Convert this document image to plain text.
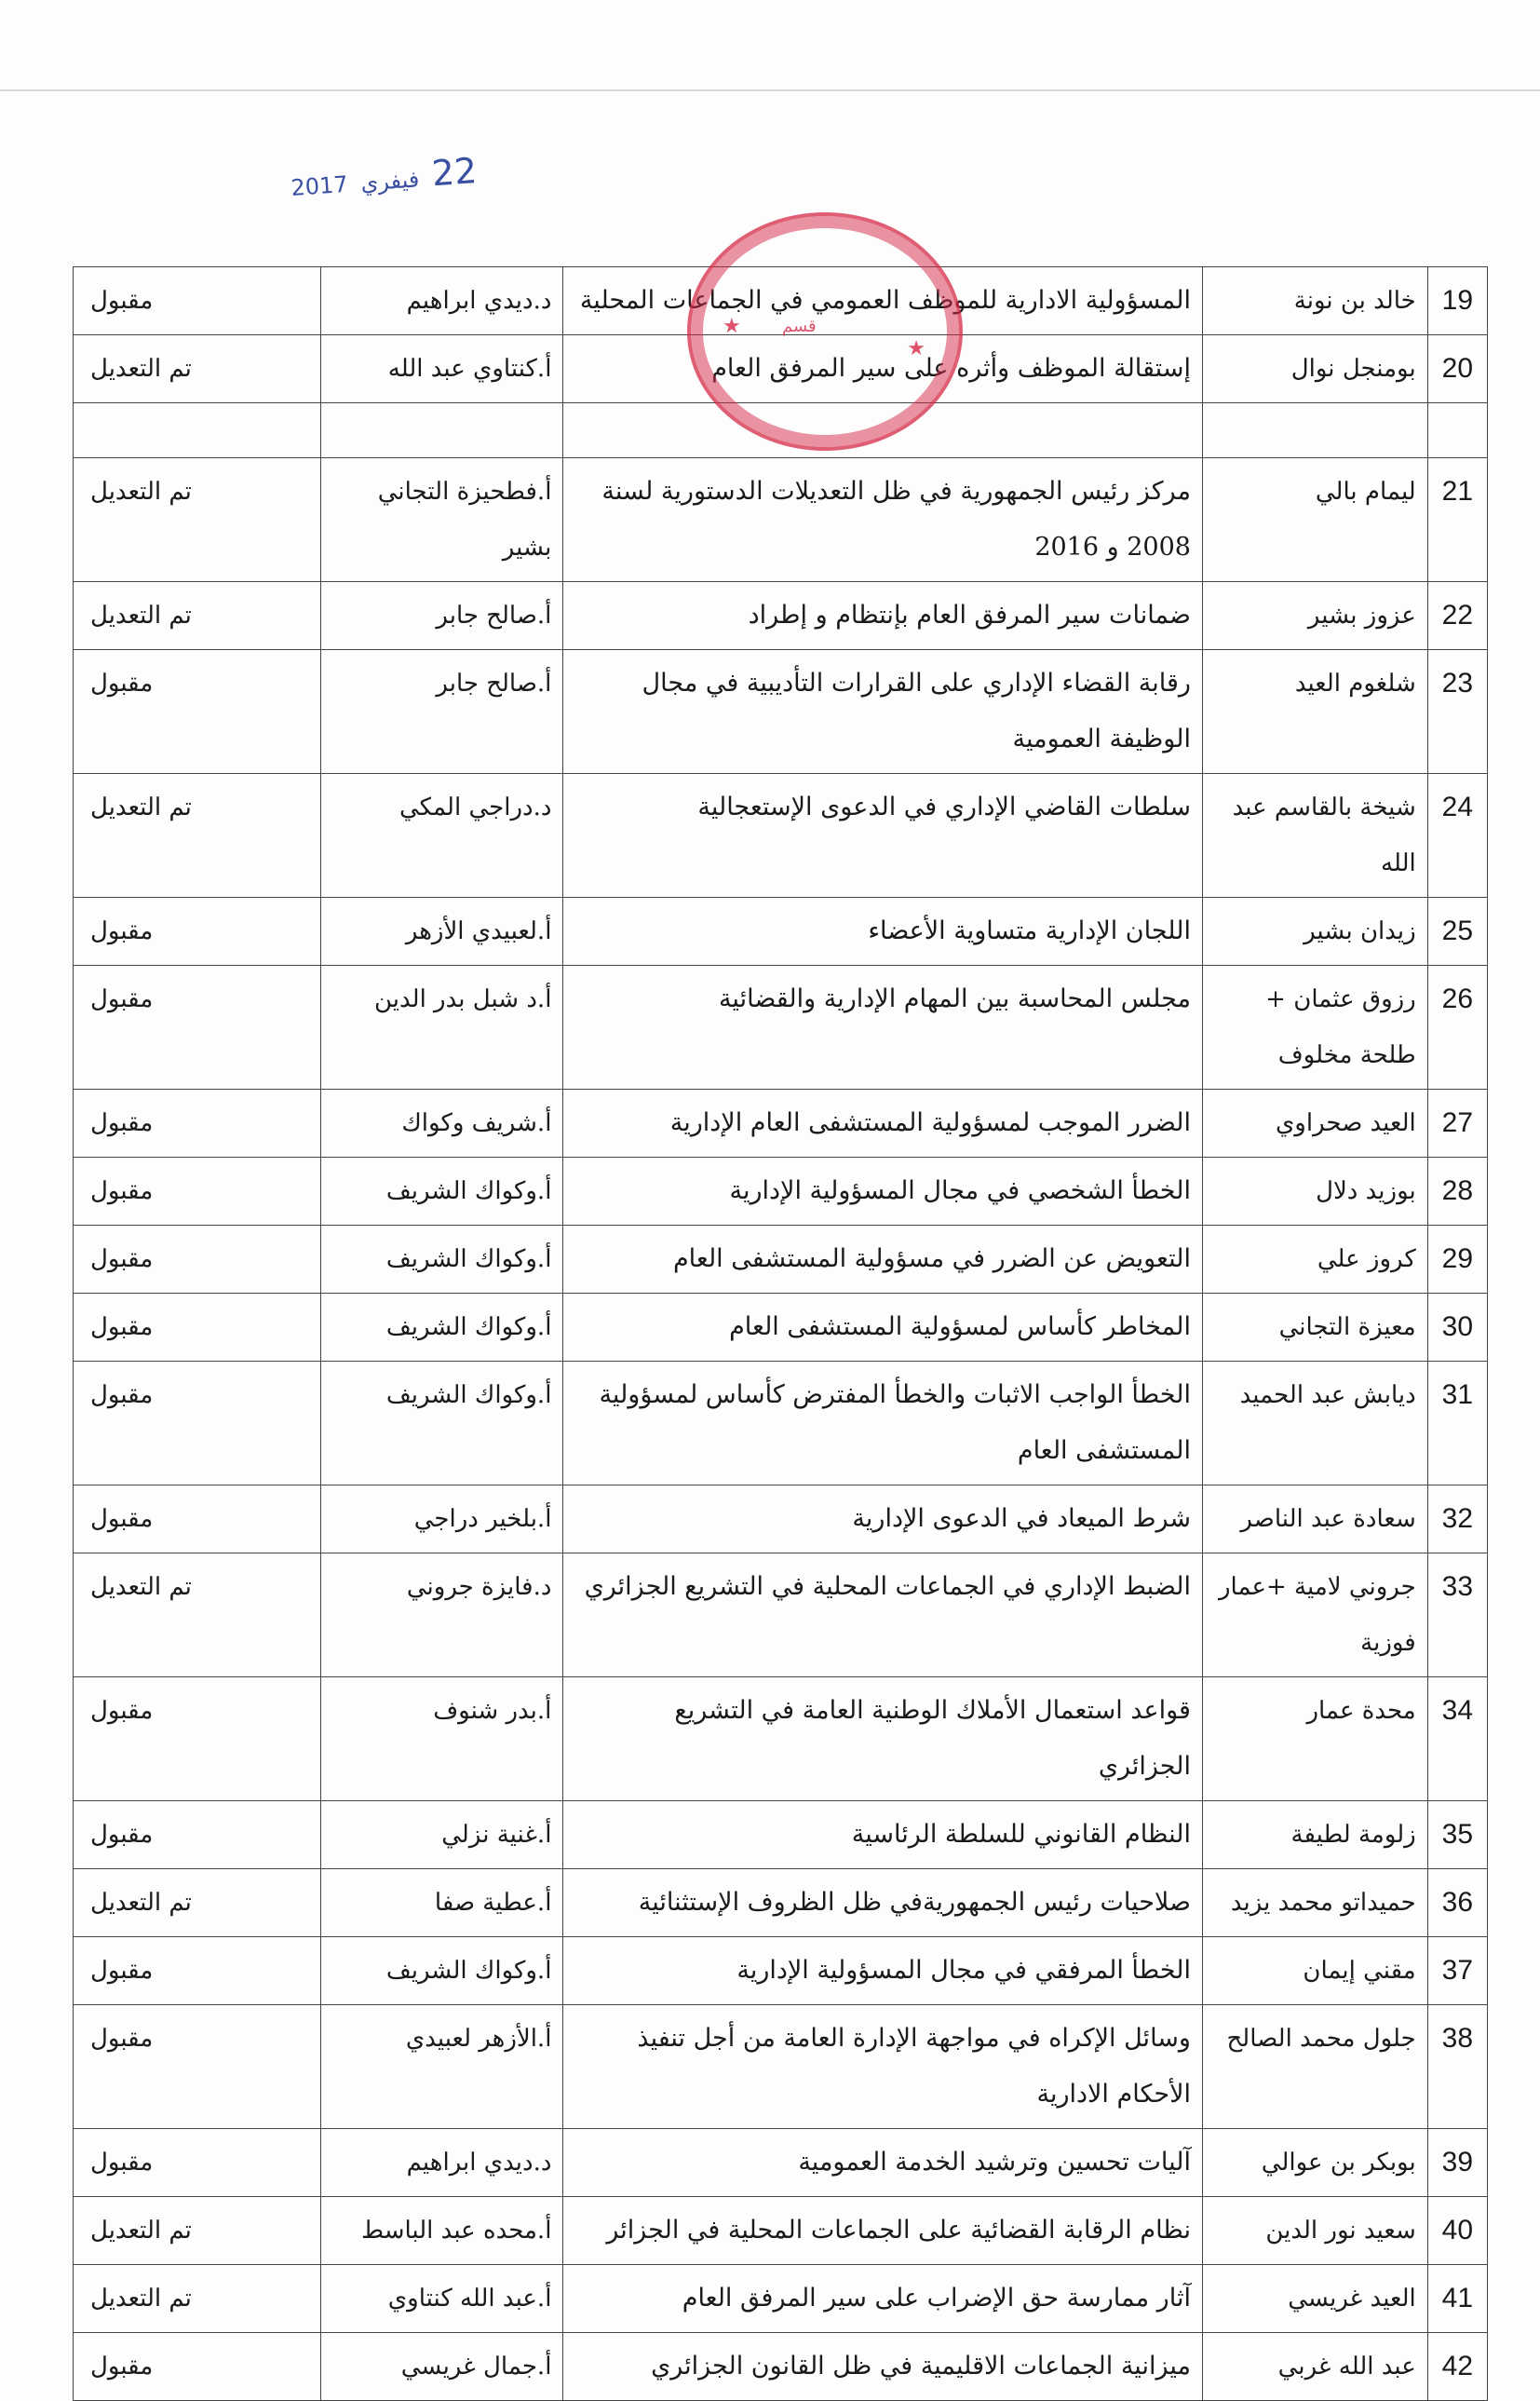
22
فيفري
2017
19	خالد بن نونة	المسؤولية الادارية للموظف العمومي في الجماعات المحلية	د.ديدي ابراهيم	مقبول
20	بومنجل نوال	إستقالة الموظف وأثره على سير المرفق العام	أ.كنتاوي عبد الله	تم التعديل

21	ليمام بالي	مركز رئيس الجمهورية في ظل التعديلات الدستورية لسنة 2008 و 2016	أ.فطحيزة التجاني بشير	تم التعديل
22	عزوز بشير	ضمانات سير المرفق العام بإنتظام و إطراد	أ.صالح جابر	تم التعديل
23	شلغوم العيد	رقابة القضاء الإداري على القرارات التأديبية في مجال الوظيفة العمومية	أ.صالح جابر	مقبول
24	شيخة بالقاسم عبد الله	سلطات القاضي الإداري في الدعوى الإستعجالية	د.دراجي المكي	تم التعديل
25	زيدان بشير	اللجان الإدارية متساوية الأعضاء	أ.لعبيدي الأزهر	مقبول
26	رزوق عثمان + طلحة مخلوف	مجلس المحاسبة بين المهام الإدارية والقضائية	أ.د شبل بدر الدين	مقبول
27	العيد صحراوي	الضرر الموجب لمسؤولية المستشفى العام الإدارية	أ.شريف وكواك	مقبول
28	بوزيد دلال	الخطأ الشخصي في مجال المسؤولية الإدارية	أ.وكواك الشريف	مقبول
29	كروز علي	التعويض عن الضرر في مسؤولية المستشفى العام	أ.وكواك الشريف	مقبول
30	معيزة التجاني	المخاطر كأساس لمسؤولية المستشفى العام	أ.وكواك الشريف	مقبول
31	ديابش عبد الحميد	الخطأ الواجب الاثبات والخطأ المفترض كأساس لمسؤولية المستشفى العام	أ.وكواك الشريف	مقبول
32	سعادة عبد الناصر	شرط الميعاد في الدعوى الإدارية	أ.بلخير دراجي	مقبول
33	جروني لامية +عمار فوزية	الضبط الإداري في الجماعات المحلية في التشريع الجزائري	د.فايزة جروني	تم التعديل
34	محدة عمار	قواعد استعمال الأملاك الوطنية العامة في التشريع الجزائري	أ.بدر شنوف	مقبول
35	زلومة لطيفة	النظام القانوني للسلطة الرئاسية	أ.غنية نزلي	مقبول
36	حميداتو محمد يزيد	صلاحيات رئيس الجمهوريةفي ظل الظروف الإستثنائية	أ.عطية صفا	تم التعديل
37	مقني إيمان	الخطأ المرفقي في مجال المسؤولية الإدارية	أ.وكواك الشريف	مقبول
38	جلول محمد الصالح	وسائل الإكراه في مواجهة الإدارة العامة من أجل تنفيذ الأحكام الادارية	أ.الأزهر لعبيدي	مقبول
39	بوبكر بن عوالي	آليات تحسين وترشيد الخدمة العمومية	د.ديدي ابراهيم	مقبول
40	سعيد نور الدين	نظام الرقابة القضائية على الجماعات المحلية في الجزائر	أ.محده عبد الباسط	تم التعديل
41	العيد غريسي	آثار ممارسة حق الإضراب على سير المرفق العام	أ.عبد الله كنتاوي	تم التعديل
42	عبد الله غربي	ميزانية الجماعات الاقليمية في ظل القانون الجزائري	أ.جمال غريسي	مقبول
★
★
قسم
